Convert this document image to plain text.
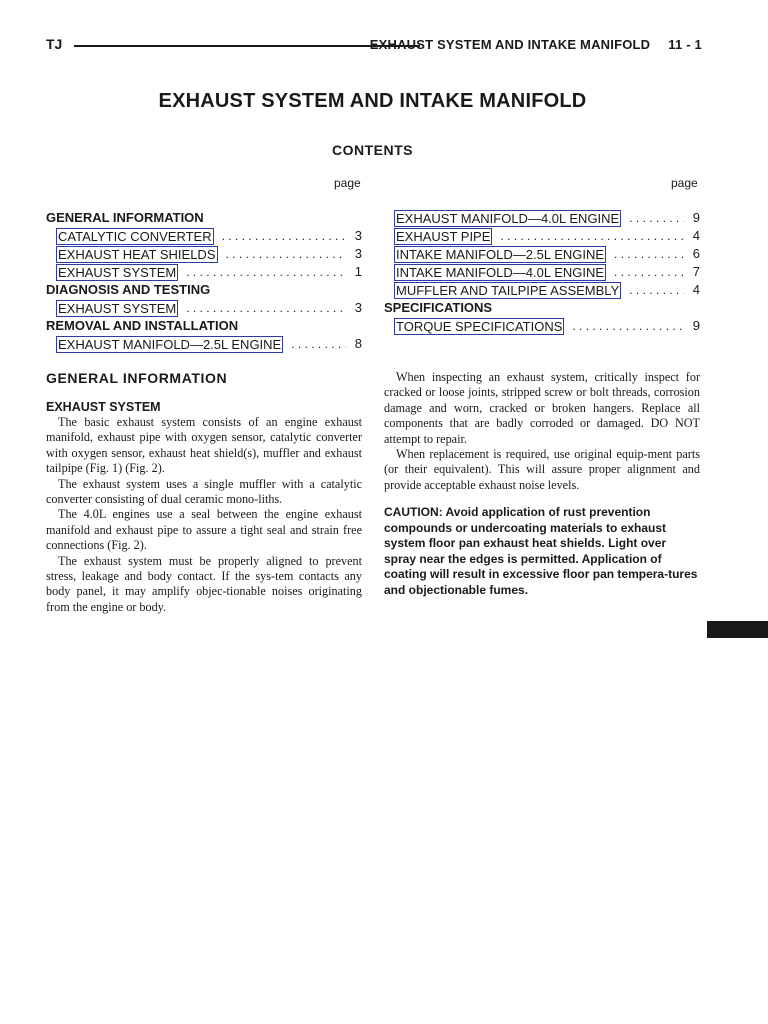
TJ	EXHAUST SYSTEM AND INTAKE MANIFOLD 11 - 1
EXHAUST SYSTEM AND INTAKE MANIFOLD
CONTENTS
page	page
GENERAL INFORMATION
CATALYTIC CONVERTER . . .	3
EXHAUST HEAT SHIELDS . . .	3
EXHAUST SYSTEM . . .	1
DIAGNOSIS AND TESTING
EXHAUST SYSTEM . . .	3
REMOVAL AND INSTALLATION
EXHAUST MANIFOLD—2.5L ENGINE . . .	8
EXHAUST MANIFOLD—4.0L ENGINE . . .	9
EXHAUST PIPE . . .	4
INTAKE MANIFOLD—2.5L ENGINE . . .	6
INTAKE MANIFOLD—4.0L ENGINE . . .	7
MUFFLER AND TAILPIPE ASSEMBLY . . .	4
SPECIFICATIONS
TORQUE SPECIFICATIONS . . .	9
GENERAL INFORMATION
EXHAUST SYSTEM

The basic exhaust system consists of an engine exhaust manifold, exhaust pipe with oxygen sensor, catalytic converter with oxygen sensor, exhaust heat shield(s), muffler and exhaust tailpipe (Fig. 1) (Fig. 2).

The exhaust system uses a single muffler with a catalytic converter consisting of dual ceramic mono-liths.

The 4.0L engines use a seal between the engine exhaust manifold and exhaust pipe to assure a tight seal and strain free connections (Fig. 2).

The exhaust system must be properly aligned to prevent stress, leakage and body contact. If the sys-tem contacts any body panel, it may amplify objec-tionable noises originating from the engine or body.

When inspecting an exhaust system, critically inspect for cracked or loose joints, stripped screw or bolt threads, corrosion damage and worn, cracked or broken hangers. Replace all components that are badly corroded or damaged. DO NOT attempt to repair.

When replacement is required, use original equip-ment parts (or their equivalent). This will assure proper alignment and provide acceptable exhaust noise levels.

CAUTION: Avoid application of rust prevention compounds or undercoating materials to exhaust system floor pan exhaust heat shields. Light over spray near the edges is permitted. Application of coating will result in excessive floor pan tempera-tures and objectionable fumes.
